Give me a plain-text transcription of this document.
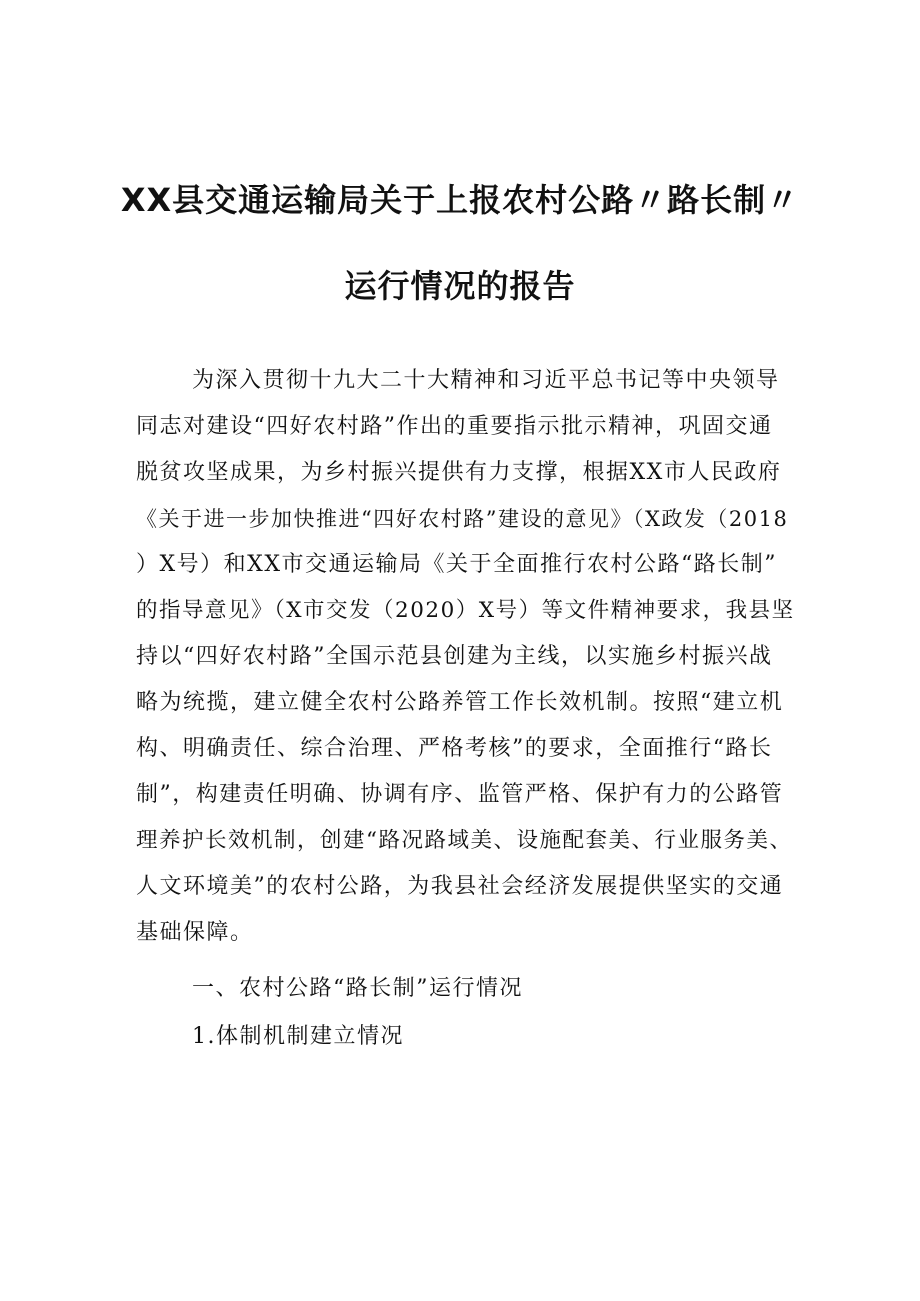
XX县交通运输局关于上报农村公路〃路长制〃
运行情况的报告
为深入贯彻十九大二十大精神和习近平总书记等中央领导
同志对建设“四好农村路”作出的重要指示批示精神，巩固交通
脱贫攻坚成果，为乡村振兴提供有力支撑，根据XX市人民政府
《关于进一步加快推进“四好农村路”建设的意见》（X政发（2018
）X号）和XX市交通运输局《关于全面推行农村公路“路长制”
的指导意见》（X市交发（2020）X号）等文件精神要求，我县坚
持以“四好农村路”全国示范县创建为主线，以实施乡村振兴战
略为统揽，建立健全农村公路养管工作长效机制。按照“建立机
构、明确责任、综合治理、严格考核”的要求，全面推行“路长
制”，构建责任明确、协调有序、监管严格、保护有力的公路管
理养护长效机制，创建“路况路域美、设施配套美、行业服务美、
人文环境美”的农村公路，为我县社会经济发展提供坚实的交通
基础保障。
一、农村公路“路长制”运行情况
1.体制机制建立情况
